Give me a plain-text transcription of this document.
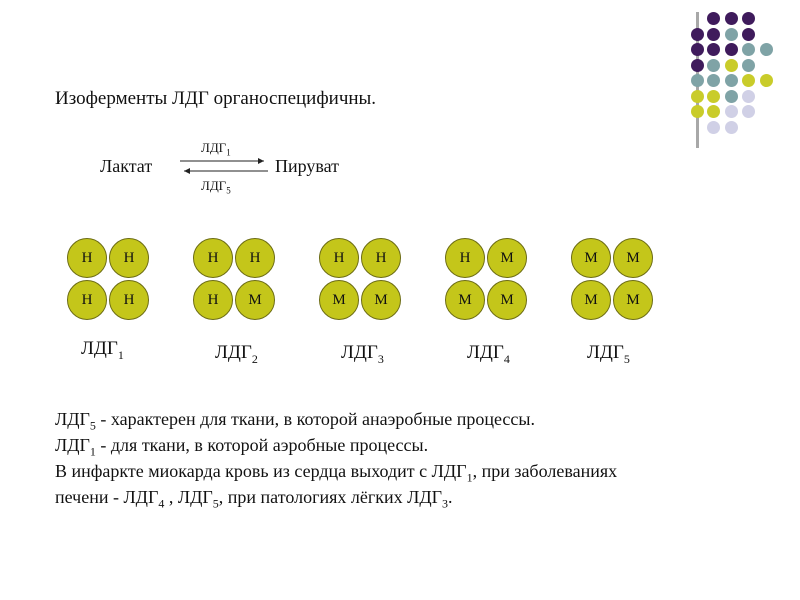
Изоферменты ЛДГ органоспецифичны.
Лактат	Пируват
$ЛДГ_1$
$ЛДГ_5$
Н	Н
Н	Н
$ЛДГ_1$
Н	Н
Н	М
$ЛДГ_2$
Н	Н
М	М
$ЛДГ_3$
Н	М
М	М
$ЛДГ_4$
М	М
М	М
$ЛДГ_5$
$ЛДГ_5$ - характерен для ткани, в которой анаэробные процессы.
$ЛДГ_1$ - для ткани, в которой аэробные процессы.
В инфаркте миокарда кровь из сердца выходит с $ЛДГ_1$, при заболеваниях
печени - $ЛДГ_4$ , $ЛДГ_5$, при патологиях лёгких $ЛДГ_3$.
